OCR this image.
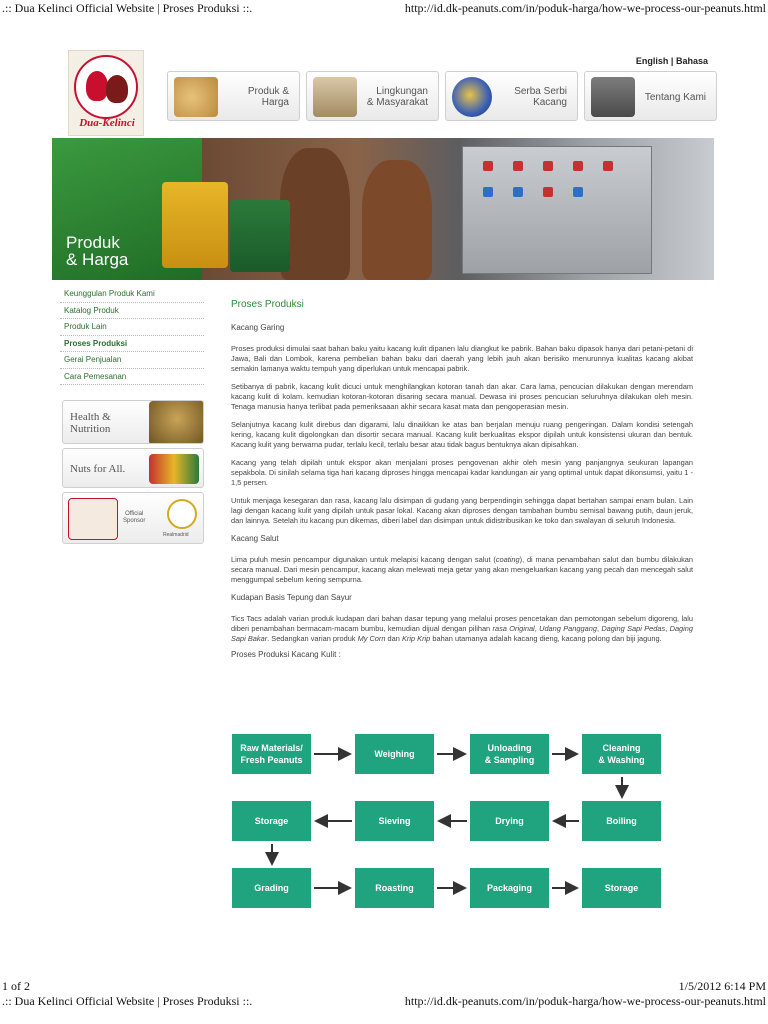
.:: Dua Kelinci Official Website | Proses Produksi ::.	http://id.dk-peanuts.com/in/poduk-harga/how-we-process-our-peanuts.html
1 of 2	1/5/2012 6:14 PM
.:: Dua Kelinci Official Website | Proses Produksi ::.	http://id.dk-peanuts.com/in/poduk-harga/how-we-process-our-peanuts.html
Dua-Kelinci
English | Bahasa
Produk &
Harga
Lingkungan
& Masyarakat
Serba Serbi
Kacang	Tentang Kami
Produk
& Harga
Keunggulan Produk Kami
Katalog Produk
Produk Lain
Proses Produksi
Gerai Penjualan
Cara Pemesanan
Health &
Nutrition
Nuts for All.
Official
Sponsor
Realmadrid
Proses Produksi
Kacang Garing

Proses produksi dimulai saat bahan baku yaitu kacang kulit dipanen lalu diangkut ke pabrik. Bahan baku dipasok hanya dari petani-petani di Jawa, Bali dan Lombok, karena pembelian bahan baku dari daerah yang lebih jauh akan berisiko menurunnya kualitas kacang akibat semakin lamanya waktu tempuh yang diperlukan untuk mencapai pabrik.

Setibanya di pabrik, kacang kulit dicuci untuk menghilangkan kotoran tanah dan akar. Cara lama, pencucian dilakukan dengan merendam kacang kulit di kolam. kemudian kotoran-kotoran disaring secara manual. Dewasa ini proses pencucian seluruhnya dilakukan oleh mesin. Tenaga manusia hanya terlibat pada pemeriksaaan akhir secara kasat mata dan pengoperasian mesin.

Selanjutnya kacang kulit direbus dan digarami, lalu dinaikkan ke atas ban berjalan menuju ruang pengeringan. Dalam kondisi setengah kering, kacang kulit digolongkan dan disortir secara manual. Kacang kulit berkualitas ekspor dipilah untuk konsistensi ukuran dan bentuk. Kacang kulit yang berwarna pudar, terlalu kecil, terlalu besar atau tidak bagus bentuknya akan dipisahkan.

Kacang yang telah dipilah untuk ekspor akan menjalani proses pengovenan akhir oleh mesin yang panjangnya seukuran lapangan sepakbola. Di sinilah selama tiga hari kacang diproses hingga mencapai kadar kandungan air yang optimal untuk dapat dikonsumsi, yaitu 1 - 1,5 persen.

Untuk menjaga kesegaran dan rasa, kacang lalu disimpan di gudang yang berpendingin sehingga dapat bertahan sampai enam bulan. Lain lagi dengan kacang kulit yang dipilah untuk pasar lokal. Kacang akan diproses dengan tambahan bumbu semisal bawang putih, daun jeruk, dan lainnya. Setelah itu kacang pun dikemas, diberi label dan disimpan untuk didistribusikan ke toko dan swalayan di seluruh Indonesia.

Kacang Salut

Lima puluh mesin pencampur digunakan untuk melapisi kacang dengan salut (coating), di mana penambahan salut dan bumbu dilakukan secara manual. Dari mesin pencampur, kacang akan melewati meja getar yang akan mengeluarkan kacang yang pecah dan mencegah salut menggumpal sebelum kering sempurna.

Kudapan Basis Tepung dan Sayur

Tics Tacs adalah varian produk kudapan dari bahan dasar tepung yang melalui proses pencetakan dan pemotongan sebelum digoreng, lalu diberi penambahan bermacam-macam bumbu, kemudian dijual dengan pilihan rasa Original, Udang Panggang, Daging Sapi Pedas, Daging Sapi Bakar. Sedangkan varian produk My Corn dan Krip Krip bahan utamanya adalah kacang dieng, kacang polong dan biji jagung.

Proses Produksi Kacang Kulit :
Raw Materials/
Fresh Peanuts
Weighing
Unloading
& Sampling
Cleaning
& Washing
Storage	Sieving	Drying	Boiling
Grading	Roasting	Packaging	Storage
